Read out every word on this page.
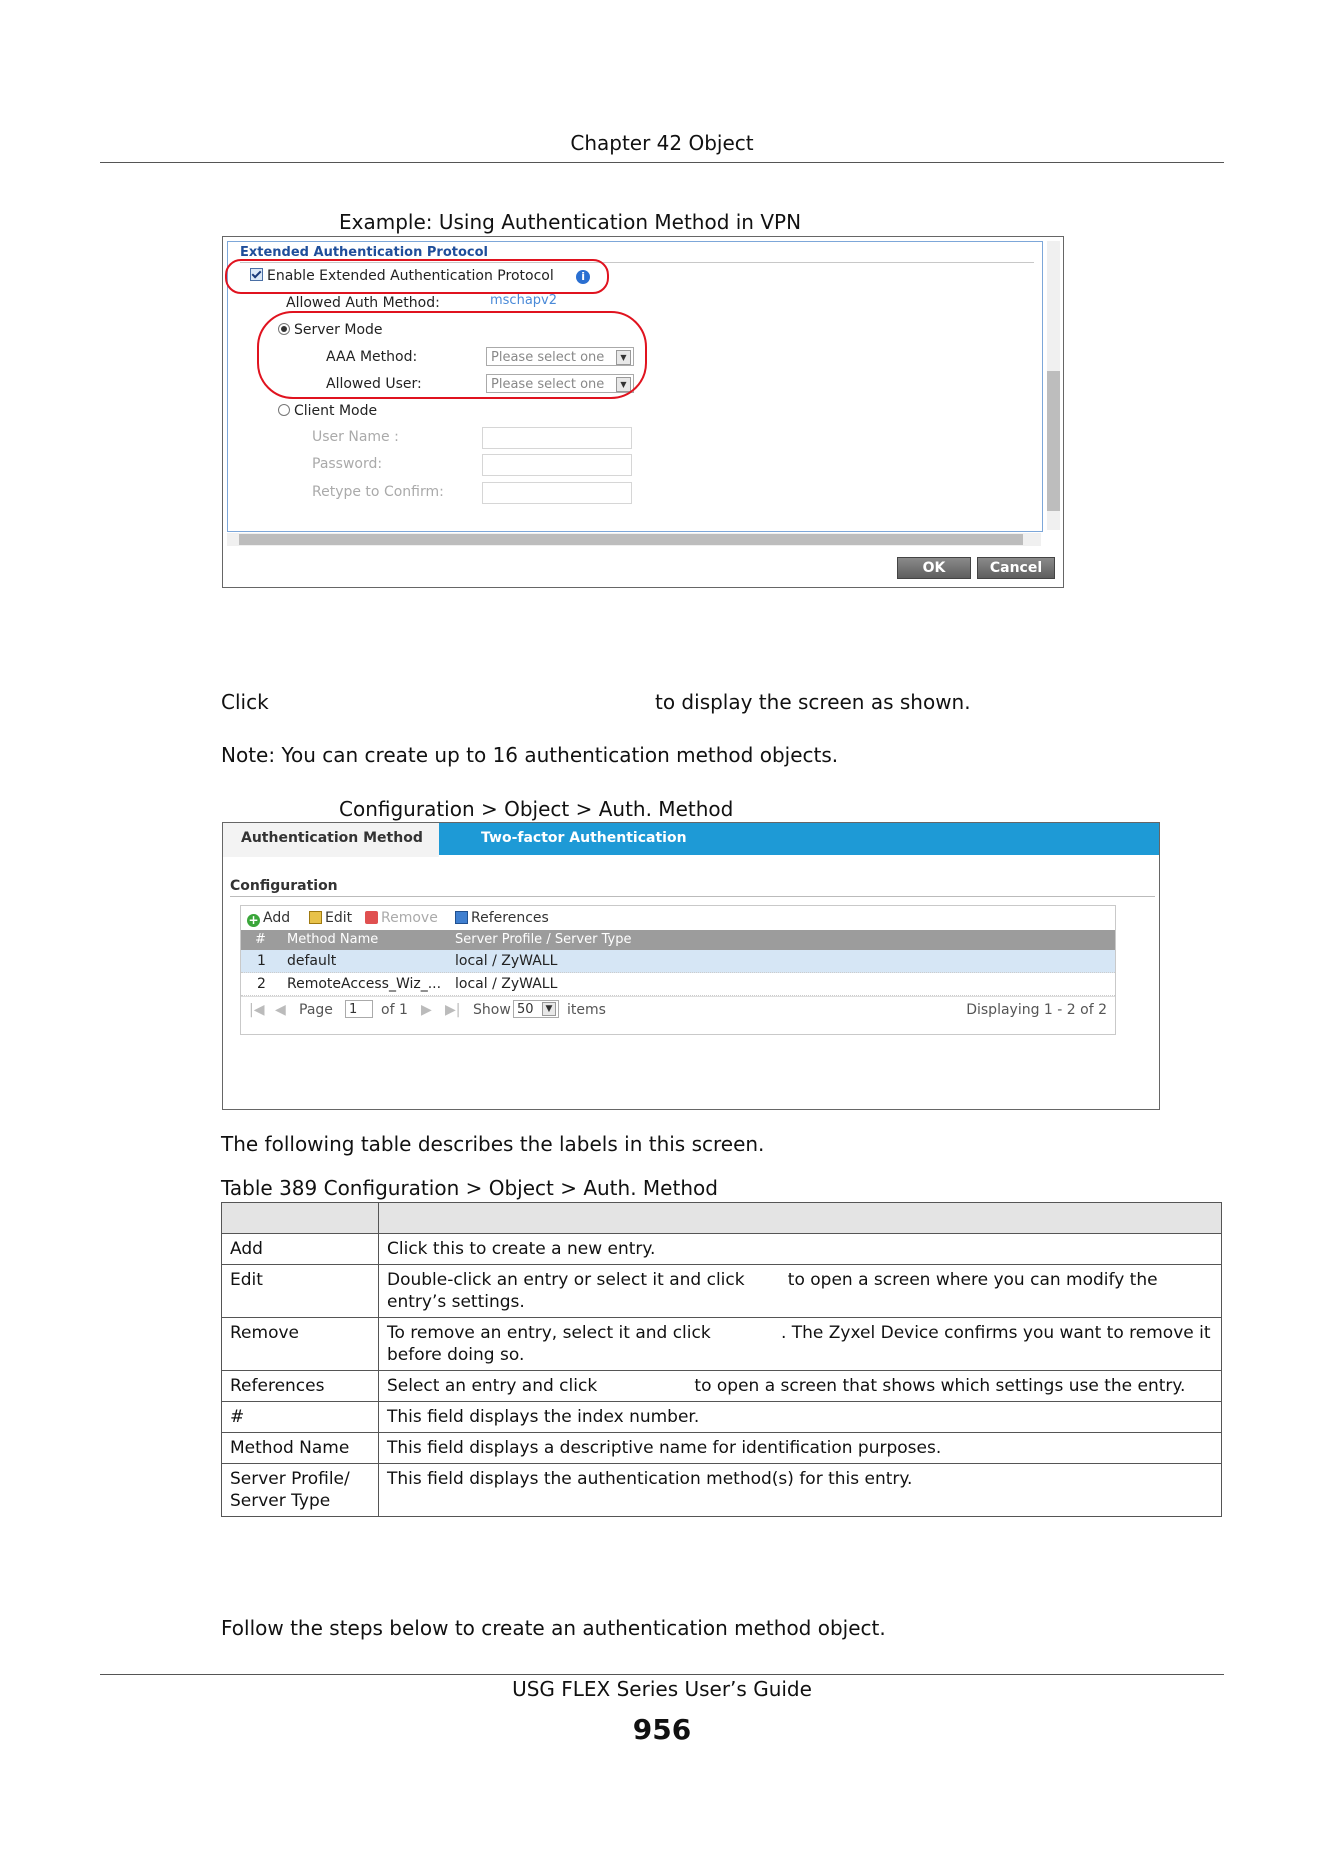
Chapter 42 Object
Example: Using Authentication Method in VPN
Extended Authentication Protocol
Enable Extended Authentication Protocol	i
Allowed Auth Method:	mschapv2
Server Mode
AAA Method:	Please select one	▼
Allowed User:	Please select one	▼
Client Mode
User Name :
Password:
Retype to Confirm:
OK	Cancel
Click	to display the screen as shown.
Note: You can create up to 16 authentication method objects.
Configuration > Object > Auth. Method
Authentication Method	Two-factor Authentication
Configuration
+ Add	Edit	Remove	References
# Method Name	Server Profile / Server Type
1 default	local / ZyWALL
2 RemoteAccess_Wiz_... local / ZyWALL
|◀ ◀ Page	1	of 1 ▶ ▶| Show 50	▼ items	Displaying 1 - 2 of 2
The following table describes the labels in this screen.
Table 389 Configuration > Object > Auth. Method

Add	Click this to create a new entry.
Edit	Double-click an entry or select it and click        to open a screen where you can modify the entry’s settings.
Remove	To remove an entry, select it and click             . The Zyxel Device confirms you want to remove it before doing so.
References	Select an entry and click                  to open a screen that shows which settings use the entry.
#	This field displays the index number.
Method Name	This field displays a descriptive name for identification purposes.
Server Profile/ Server Type	This field displays the authentication method(s) for this entry.
Follow the steps below to create an authentication method object.
USG FLEX Series User’s Guide
956
